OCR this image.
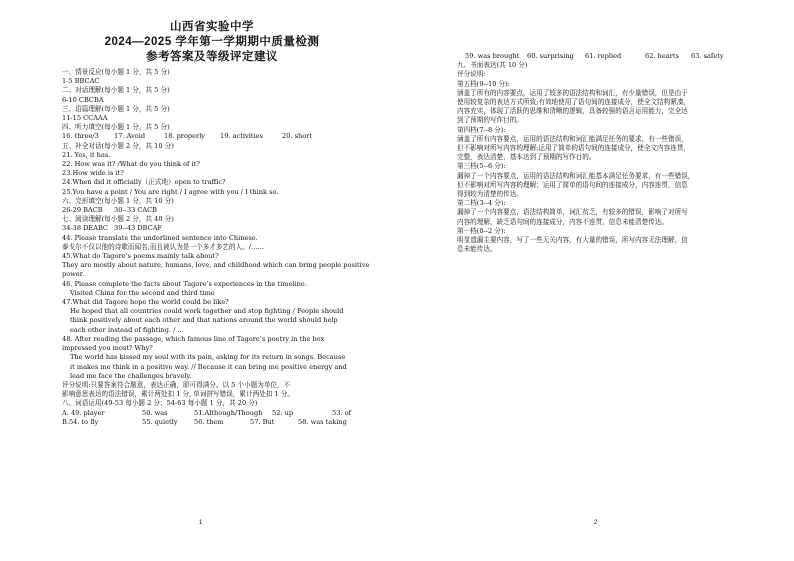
山西省实验中学
2024—2025 学年第一学期期中质量检测
参考答案及等级评定建议
一、情景反应(每小题 1 分，共 5 分)
1-5 BBCAC
二、对话理解(每小题 1 分，共 5 分)
6-10 CBCBA
三、语篇理解(每小题 1 分，共 5 分)
11-15 CCAAA
四、听力填空(每小题 1 分，共 5 分)
16. three/3	17. Avoid	18. properly	19. activities	20. short
五、补全对话(每小题 2 分，共 10 分)
21. Yes, it has.
22. How was it? /What do you think of it?
23.How wide is it?
24.When did it officially（正式地）open to traffic?
25.You have a point / You are right / I agree with you / I think so.
六、完形填空(每小题 1 分，共 10 分)
26-29 BACB	30--33 CACB
七、阅读理解(每小题 2 分，共 40 分)
34-38 DEABC 39--43 DBCAF
44. Please translate the underlined sentence into Chinese.
泰戈尔不仅以他的诗歌而闻名,而且被认为是一个多才多艺的人。/……
45.What do Tagore’s poems mainly talk about?
They are mostly about nature, humans, love, and childhood which can bring people positive
power.
46. Please complete the facts about Tagore’s experiences in the timeline.
Visited China for the second and third time
47.What did Tagore hope the world could be like?
He hoped that all countries could work together and stop fighting / People should
think positively about each other and that nations around the world should help
each other instead of fighting. / ...
48. After reading the passage, which famous line of Tagore’s poetry in the box
impressed you most? Why?
The world has kissed my soul with its pain, asking for its return in songs. Because
it makes me think in a positive way. // Because it can bring me positive energy and
lead me face the challenges bravely.
评分说明:只要答案符合题意，表达正确，即可得满分。以 5 个小题为单位，不
影响意思表达的语法错误，累计两处扣 1 分, 单词拼写错误，累计两处扣 1 分。
八、词语运用(49-53 每小题 2 分；54-63 每小题 1 分，共 20 分)
A. 49. player	50. was	51.Although/Though	52. up	53. of
B.54. to fly	55. quietly	56. them	57. But	58. was taking
1
59. was brought	60. surprising	61. replied	62. hearts	63. safety
九、书面表达(共 10 分)
评分说明:
第五档(9--10 分):
涵盖了所有的内容要点，运用了较多的语法结构和词汇，有少量错误，但是由于
使用较复杂的表达方式所致;有效地使用了语句间的连接成分，使全文结构紧凑，
内容充实，体现了活跃的思维和清晰的逻辑，具备较强的语言运用能力，完全达
到了预期的写作目的。
第四档(7--8 分):
涵盖了所有内容要点，运用的语法结构和词汇能满足任务的要求，有一些错误，
但不影响对所写内容的理解;运用了简单的语句间的连接成分，使全文内容连贯，
完整，表达清楚，基本达到了预期的写作目的。
第三档(5--6 分):
漏掉了一个内容要点，运用的语法结构和词汇能基本满足任务要求，有一些错误，
但不影响对所写内容的理解；运用了简单的语句间的连接成分，内容连贯，信息
得到较为清楚的传达。
第二档(3--4 分):
漏掉了一个内容要点，语法结构简单，词汇贫乏，有较多的错误，影响了对所写
内容的理解，缺乏语句间的连接成分，内容不连贯，信息未能清楚传达。
第一档(0--2 分):
明显遗漏主要内容，写了一些无关内容，有大量的错误，所写内容无法理解，信
息未能传达。
2
